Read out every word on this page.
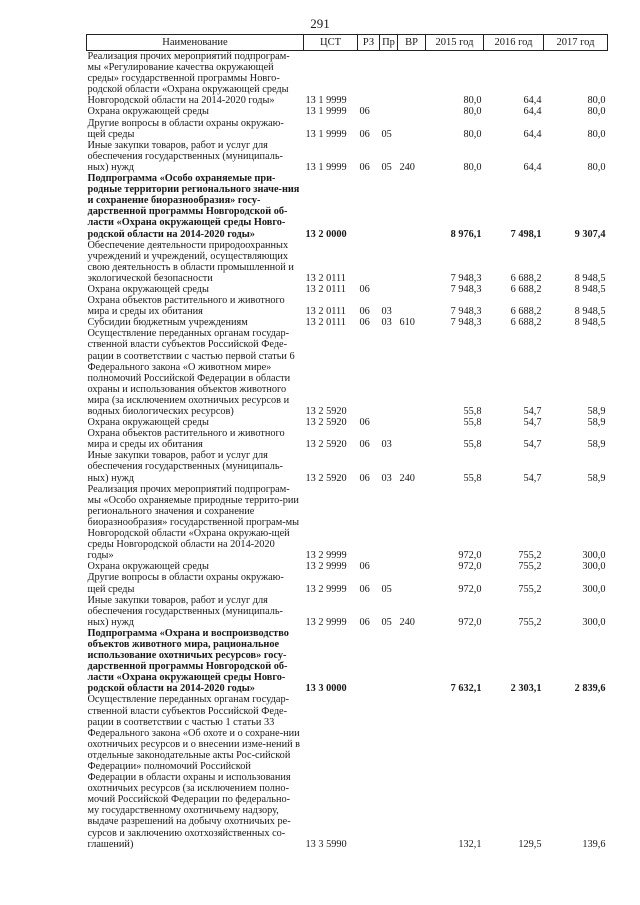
291
Наименование	ЦСТ	РЗ	Пр	ВР	2015 год	2016 год	2017 год
Реализация прочих мероприятий подпрограм-мы «Регулирование качества окружающей среды» государственной программы Новго-родской области «Охрана окружающей среды Новгородской области на 2014-2020 годы»	13 1 9999				80,0	64,4	80,0
Охрана окружающей среды	13 1 9999	06			80,0	64,4	80,0
Другие вопросы в области охраны окружаю-щей среды	13 1 9999	06	05		80,0	64,4	80,0
Иные закупки товаров, работ и услуг для обеспечения государственных (муниципаль-ных) нужд	13 1 9999	06	05	240	80,0	64,4	80,0
Подпрограмма «Особо охраняемые при-родные территории регионального значе-ния и сохранение биоразнообразия» госу-дарственной программы Новгородской об-ласти «Охрана окружающей среды Новго-родской области на 2014-2020 годы»	13 2 0000				8 976,1	7 498,1	9 307,4
Обеспечение деятельности природоохранных учреждений и учреждений, осуществляющих свою деятельность в области промышленной и экологической безопасности	13 2 0111				7 948,3	6 688,2	8 948,5
Охрана окружающей среды	13 2 0111	06			7 948,3	6 688,2	8 948,5
Охрана объектов растительного и животного мира и среды их обитания	13 2 0111	06	03		7 948,3	6 688,2	8 948,5
Субсидии бюджетным учреждениям	13 2 0111	06	03	610	7 948,3	6 688,2	8 948,5
Осуществление переданных органам государ-ственной власти субъектов Российской Феде-рации в соответствии с частью первой статьи 6 Федерального закона «О животном мире» полномочий Российской Федерации в области охраны и использования объектов животного мира (за исключением охотничьих ресурсов и водных биологических ресурсов)	13 2 5920				55,8	54,7	58,9
Охрана окружающей среды	13 2 5920	06			55,8	54,7	58,9
Охрана объектов растительного и животного мира и среды их обитания	13 2 5920	06	03		55,8	54,7	58,9
Иные закупки товаров, работ и услуг для обеспечения государственных (муниципаль-ных) нужд	13 2 5920	06	03	240	55,8	54,7	58,9
Реализация прочих мероприятий подпрограм-мы «Особо охраняемые природные террито-рии регионального значения и сохранение биоразнообразия» государственной програм-мы Новгородской области «Охрана окружаю-щей среды Новгородской области на 2014-2020 годы»	13 2 9999				972,0	755,2	300,0
Охрана окружающей среды	13 2 9999	06			972,0	755,2	300,0
Другие вопросы в области охраны окружаю-щей среды	13 2 9999	06	05		972,0	755,2	300,0
Иные закупки товаров, работ и услуг для обеспечения государственных (муниципаль-ных) нужд	13 2 9999	06	05	240	972,0	755,2	300,0
Подпрограмма «Охрана и воспроизводство объектов животного мира, рациональное использование охотничьих ресурсов» госу-дарственной программы Новгородской об-ласти «Охрана окружающей среды Новго-родской области на 2014-2020 годы»	13 3 0000				7 632,1	2 303,1	2 839,6
Осуществление переданных органам государ-ственной власти субъектов Российской Феде-рации в соответствии с частью 1 статьи 33 Федерального закона «Об охоте и о сохране-нии охотничьих ресурсов и о внесении изме-нений в отдельные законодательные акты Рос-сийской Федерации» полномочий Российской Федерации в области охраны и использования охотничьих ресурсов (за исключением полно-мочий Российской Федерации по федерально-му государственному охотничьему надзору, выдаче разрешений на добычу охотничьих ре-сурсов и заключению охотхозяйственных со-глашений)	13 3 5990				132,1	129,5	139,6
